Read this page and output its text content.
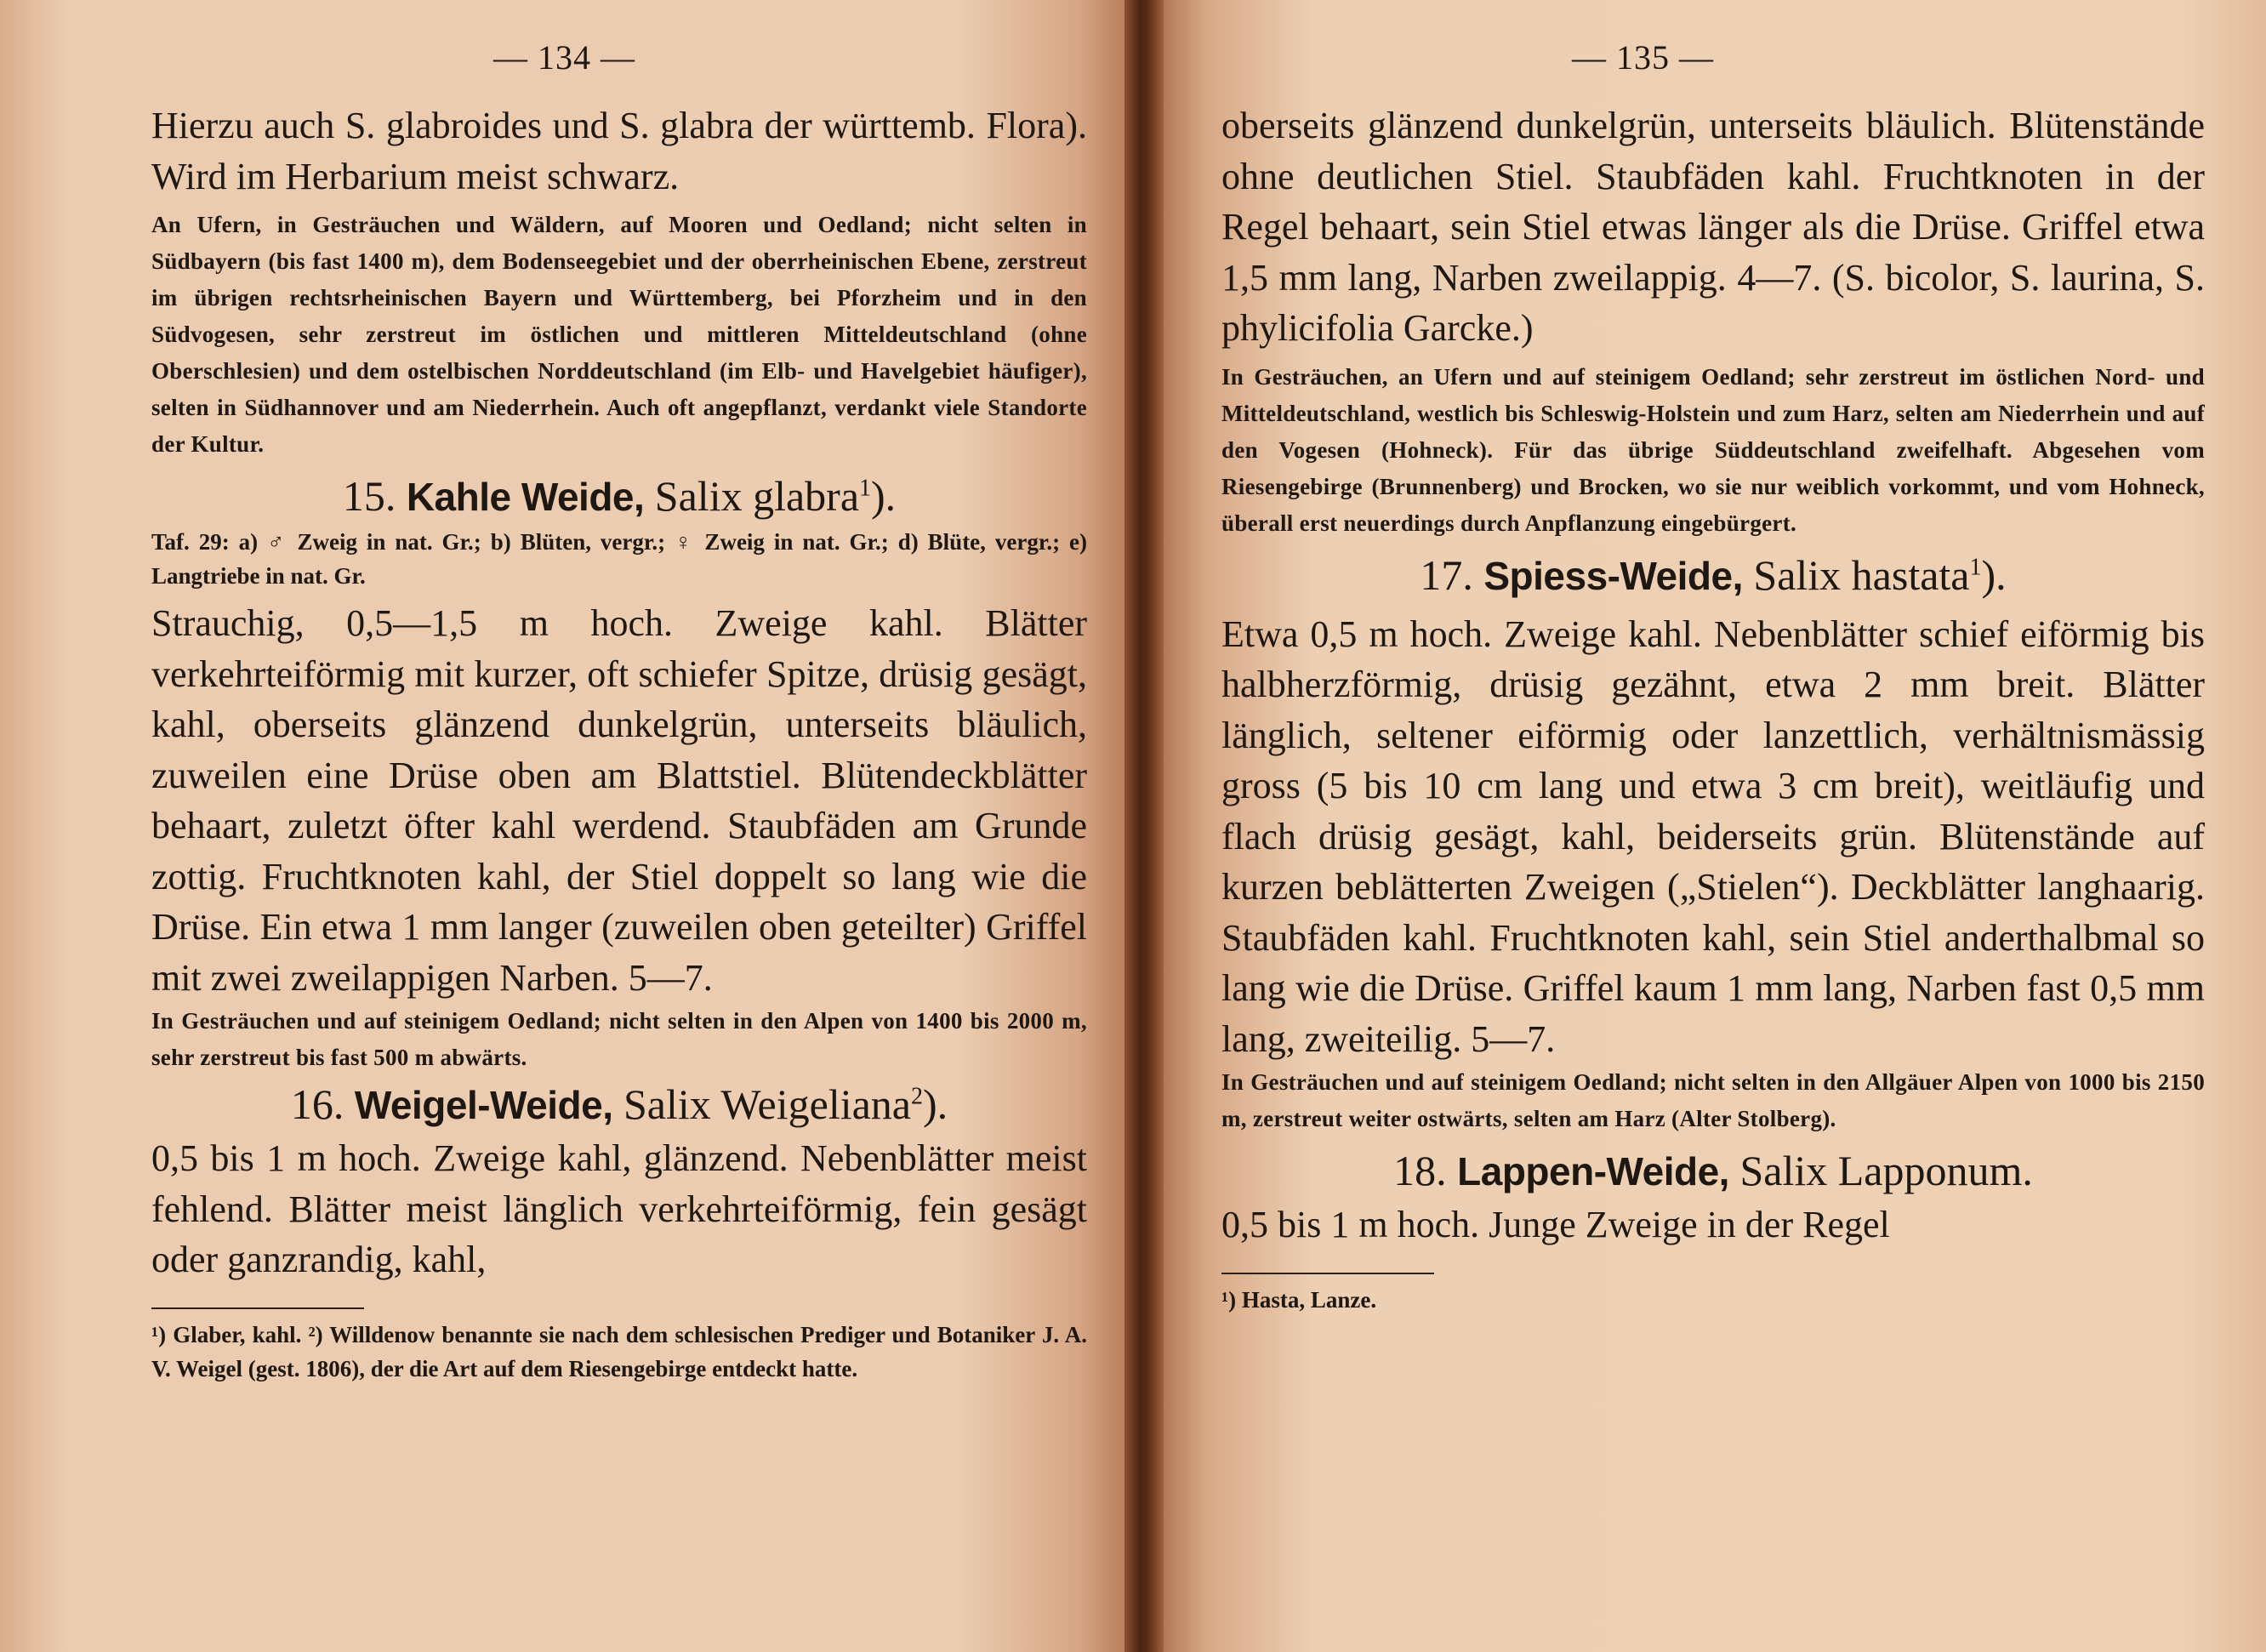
— 134 —

Hierzu auch S. glabroides und S. glabra der württemb. Flora). Wird im Herbarium meist schwarz.

An Ufern, in Gesträuchen und Wäldern, auf Mooren und Oedland; nicht selten in Südbayern (bis fast 1400 m), dem Bodenseegebiet und der oberrheinischen Ebene, zerstreut im übrigen rechtsrheinischen Bayern und Württemberg, bei Pforzheim und in den Südvogesen, sehr zerstreut im östlichen und mittleren Mitteldeutschland (ohne Oberschlesien) und dem ostelbischen Norddeutschland (im Elb- und Havelgebiet häufiger), selten in Südhannover und am Niederrhein. Auch oft angepflanzt, verdankt viele Standorte der Kultur.

15. Kahle Weide, Salix glabra$^1$).

Taf. 29: a) ♂ Zweig in nat. Gr.; b) Blüten, vergr.; ♀ Zweig in nat. Gr.; d) Blüte, vergr.; e) Langtriebe in nat. Gr.

Strauchig, 0,5—1,5 m hoch. Zweige kahl. Blätter verkehrteiförmig mit kurzer, oft schiefer Spitze, drüsig gesägt, kahl, oberseits glänzend dunkelgrün, unterseits bläulich, zuweilen eine Drüse oben am Blattstiel. Blütendeckblätter behaart, zuletzt öfter kahl werdend. Staubfäden am Grunde zottig. Fruchtknoten kahl, der Stiel doppelt so lang wie die Drüse. Ein etwa 1 mm langer (zuweilen oben geteilter) Griffel mit zwei zweilappigen Narben. 5—7.

In Gesträuchen und auf steinigem Oedland; nicht selten in den Alpen von 1400 bis 2000 m, sehr zerstreut bis fast 500 m abwärts.

16. Weigel-Weide, Salix Weigeliana$^2$).

0,5 bis 1 m hoch. Zweige kahl, glänzend. Nebenblätter meist fehlend. Blätter meist länglich verkehrteiförmig, fein gesägt oder ganzrandig, kahl,

¹) Glaber, kahl. ²) Willdenow benannte sie nach dem schlesischen Prediger und Botaniker J. A. V. Weigel (gest. 1806), der die Art auf dem Riesengebirge entdeckt hatte.

— 135 —

oberseits glänzend dunkelgrün, unterseits bläulich. Blütenstände ohne deutlichen Stiel. Staubfäden kahl. Fruchtknoten in der Regel behaart, sein Stiel etwas länger als die Drüse. Griffel etwa 1,5 mm lang, Narben zweilappig. 4—7. (S. bicolor, S. laurina, S. phylicifolia Garcke.)

In Gesträuchen, an Ufern und auf steinigem Oedland; sehr zerstreut im östlichen Nord- und Mitteldeutschland, westlich bis Schleswig-Holstein und zum Harz, selten am Niederrhein und auf den Vogesen (Hohneck). Für das übrige Süddeutschland zweifelhaft. Abgesehen vom Riesengebirge (Brunnenberg) und Brocken, wo sie nur weiblich vorkommt, und vom Hohneck, überall erst neuerdings durch Anpflanzung eingebürgert.

17. Spiess-Weide, Salix hastata$^1$).

Etwa 0,5 m hoch. Zweige kahl. Nebenblätter schief eiförmig bis halbherzförmig, drüsig gezähnt, etwa 2 mm breit. Blätter länglich, seltener eiförmig oder lanzettlich, verhältnismässig gross (5 bis 10 cm lang und etwa 3 cm breit), weitläufig und flach drüsig gesägt, kahl, beiderseits grün. Blütenstände auf kurzen beblätterten Zweigen („Stielen“). Deckblätter langhaarig. Staubfäden kahl. Fruchtknoten kahl, sein Stiel anderthalbmal so lang wie die Drüse. Griffel kaum 1 mm lang, Narben fast 0,5 mm lang, zweiteilig. 5—7.

In Gesträuchen und auf steinigem Oedland; nicht selten in den Allgäuer Alpen von 1000 bis 2150 m, zerstreut weiter ostwärts, selten am Harz (Alter Stolberg).

18. Lappen-Weide, Salix Lapponum.

0,5 bis 1 m hoch. Junge Zweige in der Regel

¹) Hasta, Lanze.
